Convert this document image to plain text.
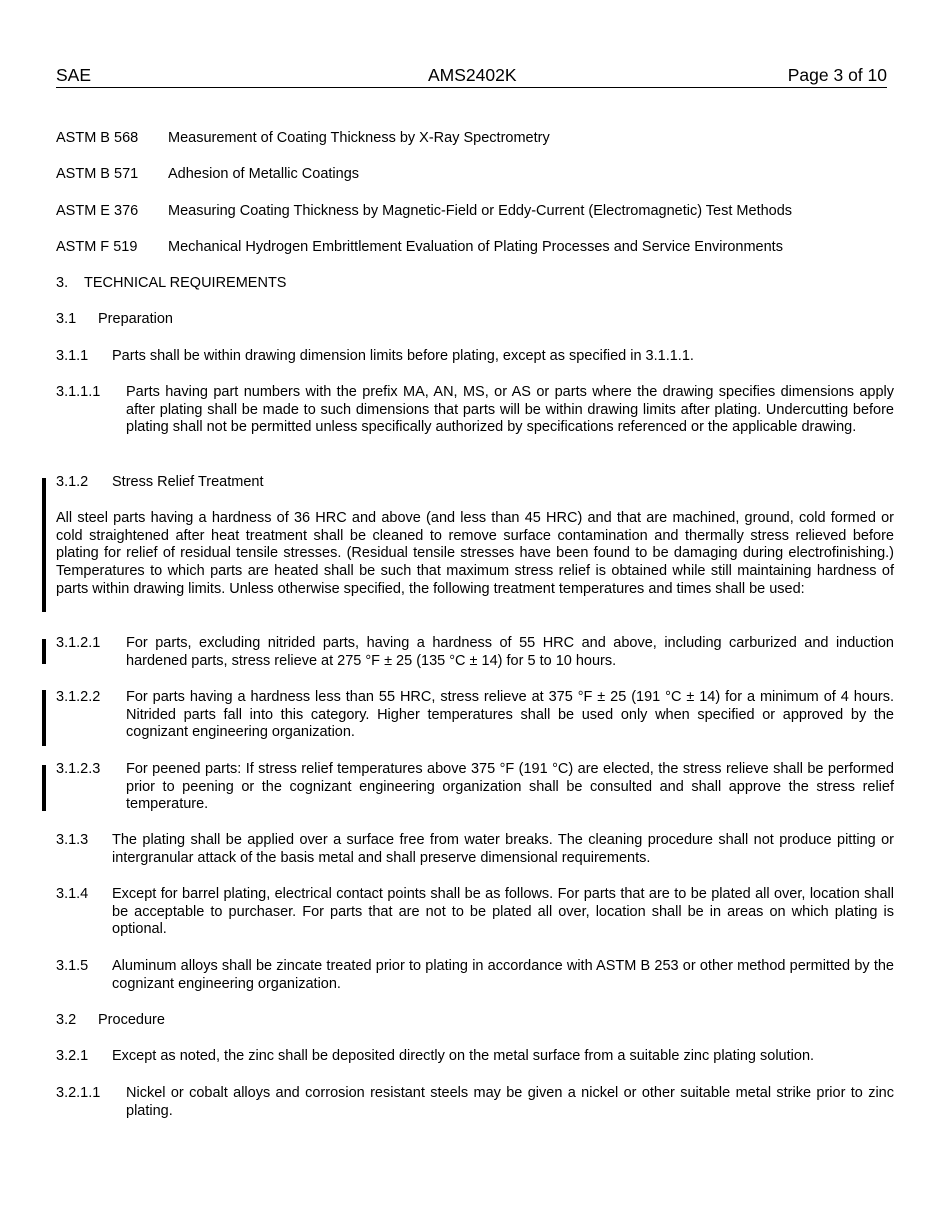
SAE	AMS2402K	Page 3 of 10
ASTM B 568 Measurement of Coating Thickness by X-Ray Spectrometry
ASTM B 571 Adhesion of Metallic Coatings
ASTM E 376 Measuring Coating Thickness by Magnetic-Field or Eddy-Current (Electromagnetic) Test Methods
ASTM F 519 Mechanical Hydrogen Embrittlement Evaluation of Plating Processes and Service Environments
3. TECHNICAL REQUIREMENTS
3.1 Preparation
3.1.1 Parts shall be within drawing dimension limits before plating, except as specified in 3.1.1.1.
3.1.1.1 Parts having part numbers with the prefix MA, AN, MS, or AS or parts where the drawing specifies dimensions apply after plating shall be made to such dimensions that parts will be within drawing limits after plating. Undercutting before plating shall not be permitted unless specifically authorized by specifications referenced or the applicable drawing.
3.1.2 Stress Relief Treatment
All steel parts having a hardness of 36 HRC and above (and less than 45 HRC) and that are machined, ground, cold formed or cold straightened after heat treatment shall be cleaned to remove surface contamination and thermally stress relieved before plating for relief of residual tensile stresses. (Residual tensile stresses have been found to be damaging during electrofinishing.) Temperatures to which parts are heated shall be such that maximum stress relief is obtained while still maintaining hardness of parts within drawing limits. Unless otherwise specified, the following treatment temperatures and times shall be used:
3.1.2.1 For parts, excluding nitrided parts, having a hardness of 55 HRC and above, including carburized and induction hardened parts, stress relieve at 275 °F ± 25 (135 °C ± 14) for 5 to 10 hours.
3.1.2.2 For parts having a hardness less than 55 HRC, stress relieve at 375 °F ± 25 (191 °C ± 14) for a minimum of 4 hours. Nitrided parts fall into this category. Higher temperatures shall be used only when specified or approved by the cognizant engineering organization.
3.1.2.3 For peened parts: If stress relief temperatures above 375 °F (191 °C) are elected, the stress relieve shall be performed prior to peening or the cognizant engineering organization shall be consulted and shall approve the stress relief temperature.
3.1.3 The plating shall be applied over a surface free from water breaks. The cleaning procedure shall not produce pitting or intergranular attack of the basis metal and shall preserve dimensional requirements.
3.1.4 Except for barrel plating, electrical contact points shall be as follows. For parts that are to be plated all over, location shall be acceptable to purchaser. For parts that are not to be plated all over, location shall be in areas on which plating is optional.
3.1.5 Aluminum alloys shall be zincate treated prior to plating in accordance with ASTM B 253 or other method permitted by the cognizant engineering organization.
3.2 Procedure
3.2.1 Except as noted, the zinc shall be deposited directly on the metal surface from a suitable zinc plating solution.
3.2.1.1 Nickel or cobalt alloys and corrosion resistant steels may be given a nickel or other suitable metal strike prior to zinc plating.
